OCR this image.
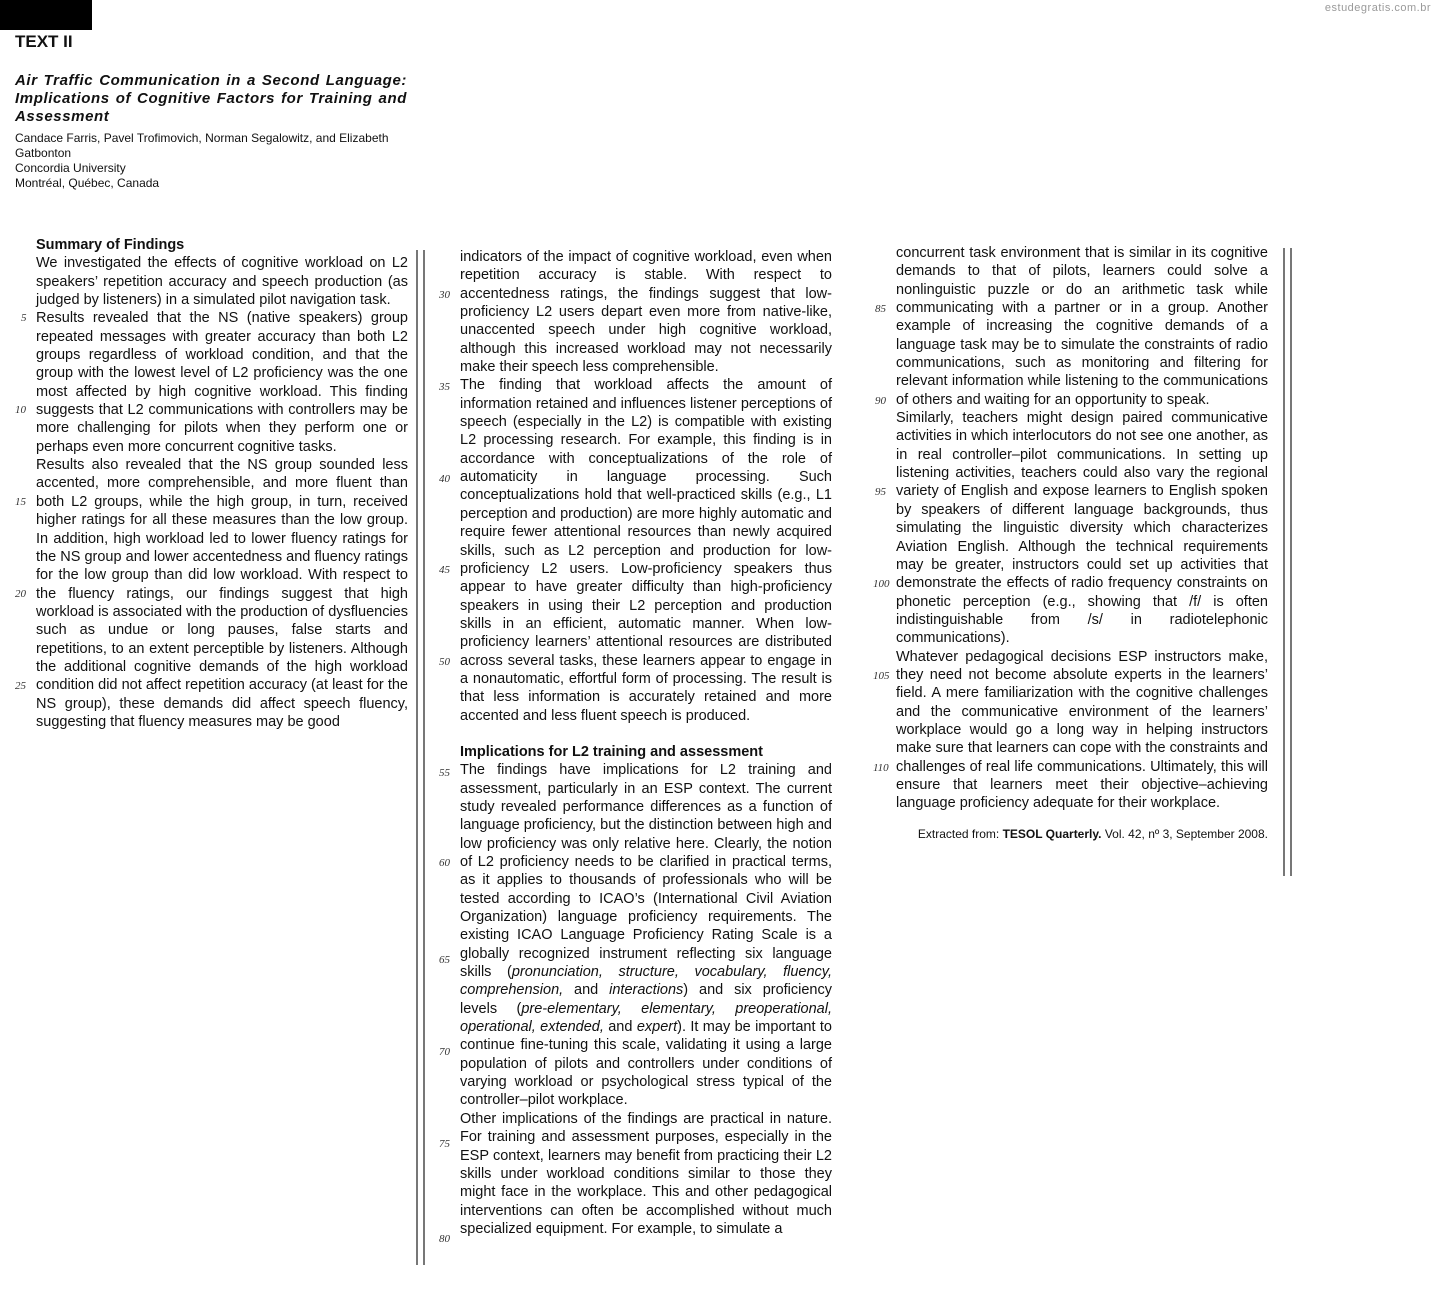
estudegratis.com.br
TEXT II
Air Traffic Communication in a Second Language: Implications of Cognitive Factors for Training and Assessment
Candace Farris, Pavel Trofimovich, Norman Segalowitz, and Elizabeth Gatbonton
Concordia University
Montréal, Québec, Canada
Summary of Findings

We investigated the effects of cognitive workload on L2 speakers’ repetition accuracy and speech production (as judged by listeners) in a simulated pilot navigation task.

Results revealed that the NS (native speakers) group repeated messages with greater accuracy than both L2 groups regardless of workload condition, and that the group with the lowest level of L2 proficiency was the one most affected by high cognitive workload. This finding suggests that L2 communications with controllers may be more challenging for pilots when they perform one or perhaps even more concurrent cognitive tasks.

Results also revealed that the NS group sounded less accented, more comprehensible, and more fluent than both L2 groups, while the high group, in turn, received higher ratings for all these measures than the low group. In addition, high workload led to lower fluency ratings for the NS group and lower accentedness and fluency ratings for the low group than did low workload. With respect to the fluency ratings, our findings suggest that high workload is associated with the production of dysfluencies such as undue or long pauses, false starts and repetitions, to an extent perceptible by listeners. Although the additional cognitive demands of the high workload condition did not affect repetition accuracy (at least for the NS group), these demands did affect speech fluency, suggesting that fluency measures may be good

indicators of the impact of cognitive workload, even when repetition accuracy is stable. With respect to accentedness ratings, the findings suggest that low-proficiency L2 users depart even more from native-like, unaccented speech under high cognitive workload, although this increased workload may not necessarily make their speech less comprehensible.

The finding that workload affects the amount of information retained and influences listener perceptions of speech (especially in the L2) is compatible with existing L2 processing research. For example, this finding is in accordance with conceptualizations of the role of automaticity in language processing. Such conceptualizations hold that well-practiced skills (e.g., L1 perception and production) are more highly automatic and require fewer attentional resources than newly acquired skills, such as L2 perception and production for low-proficiency L2 users. Low-proficiency speakers thus appear to have greater difficulty than high-proficiency speakers in using their L2 perception and production skills in an efficient, automatic manner. When low-proficiency learners’ attentional resources are distributed across several tasks, these learners appear to engage in a nonautomatic, effortful form of processing. The result is that less information is accurately retained and more accented and less fluent speech is produced.

Implications for L2 training and assessment

The findings have implications for L2 training and assessment, particularly in an ESP context. The current study revealed performance differences as a function of language proficiency, but the distinction between high and low proficiency was only relative here. Clearly, the notion of L2 proficiency needs to be clarified in practical terms, as it applies to thousands of professionals who will be tested according to ICAO’s (International Civil Aviation Organization) language proficiency requirements. The existing ICAO Language Proficiency Rating Scale is a globally recognized instrument reflecting six language skills (pronunciation, structure, vocabulary, fluency, comprehension, and interactions) and six proficiency levels (pre-elementary, elementary, preoperational, operational, extended, and expert). It may be important to continue fine-tuning this scale, validating it using a large population of pilots and controllers under conditions of varying workload or psychological stress typical of the controller–pilot workplace.

Other implications of the findings are practical in nature. For training and assessment purposes, especially in the ESP context, learners may benefit from practicing their L2 skills under workload conditions similar to those they might face in the workplace. This and other pedagogical interventions can often be accomplished without much specialized equipment. For example, to simulate a

concurrent task environment that is similar in its cognitive demands to that of pilots, learners could solve a nonlinguistic puzzle or do an arithmetic task while communicating with a partner or in a group. Another example of increasing the cognitive demands of a language task may be to simulate the constraints of radio communications, such as monitoring and filtering for relevant information while listening to the communications of others and waiting for an opportunity to speak.

Similarly, teachers might design paired communicative activities in which interlocutors do not see one another, as in real controller–pilot communications. In setting up listening activities, teachers could also vary the regional variety of English and expose learners to English spoken by speakers of different language backgrounds, thus simulating the linguistic diversity which characterizes Aviation English. Although the technical requirements may be greater, instructors could set up activities that demonstrate the effects of radio frequency constraints on phonetic perception (e.g., showing that /f/ is often indistinguishable from /s/ in radiotelephonic communications).

Whatever pedagogical decisions ESP instructors make, they need not become absolute experts in the learners’ field. A mere familiarization with the cognitive challenges and the communicative environment of the learners’ workplace would go a long way in helping instructors make sure that learners can cope with the constraints and challenges of real life communications. Ultimately, this will ensure that learners meet their objective–achieving language proficiency adequate for their workplace.

Extracted from: TESOL Quarterly. Vol. 42, nº 3, September 2008.

5
10
15
20
25
30
35
40
45
50
55
60
65
70
75
80
85
90
95
100
105
110
